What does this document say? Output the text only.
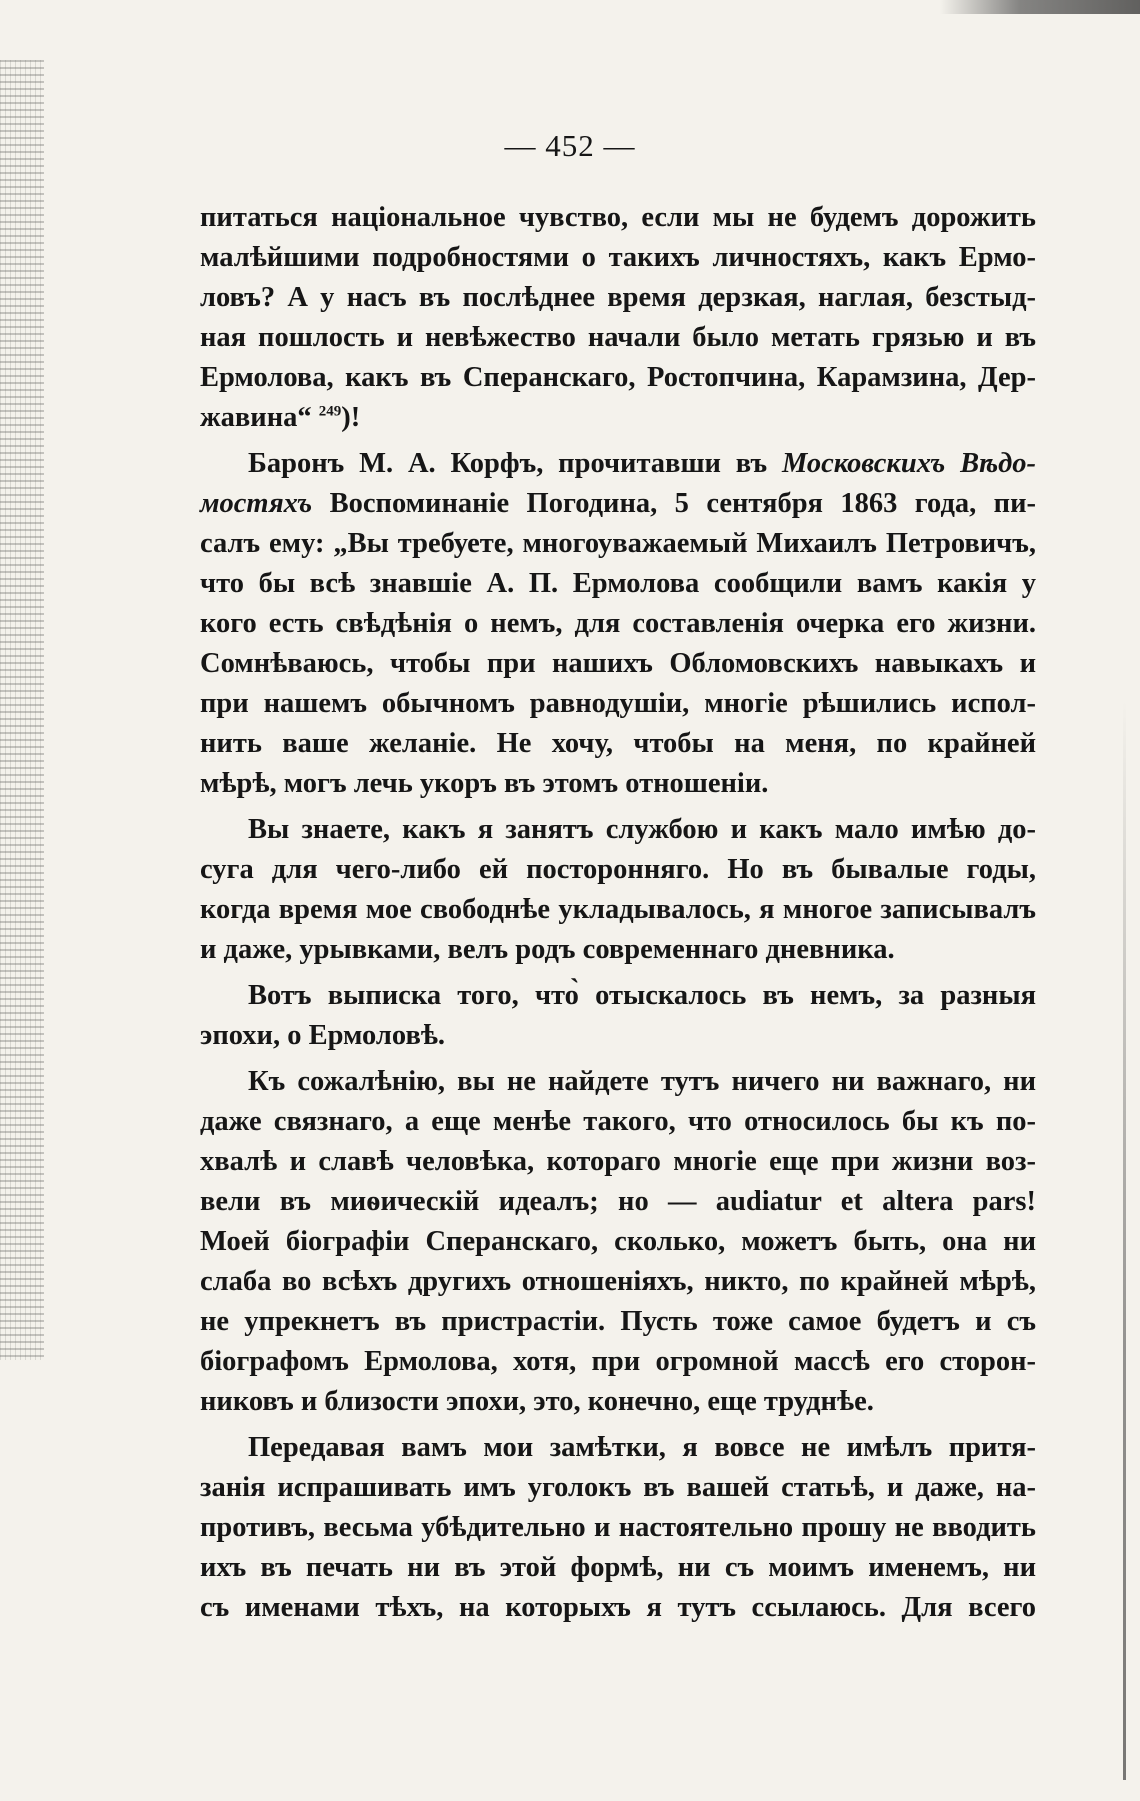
— 452 —
питаться національное чувство, если мы не будемъ дорожить
малѣйшими подробностями о такихъ личностяхъ, какъ Ермо-
ловъ? А у насъ въ послѣднее время дерзкая, наглая, безстыд-
ная пошлость и невѣжество начали было метать грязью и въ
Ермолова, какъ въ Сперанскаго, Ростопчина, Карамзина, Дер-
жавина“ $^{249}$)!
Баронъ М. А. Корфъ, прочитавши въ Московскихъ Вѣдо-
мостяхъ Воспоминаніе Погодина, 5 сентября 1863 года, пи-
салъ ему: „Вы требуете, многоуважаемый Михаилъ Петровичъ,
что бы всѣ знавшіе А. П. Ермолова сообщили вамъ какія у
кого есть свѣдѣнія о немъ, для составленія очерка его жизни.
Сомнѣваюсь, чтобы при нашихъ Обломовскихъ навыкахъ и
при нашемъ обычномъ равнодушіи, многіе рѣшились испол-
нить ваше желаніе. Не хочу, чтобы на меня, по крайней
мѣрѣ, могъ лечь укоръ въ этомъ отношеніи.
Вы знаете, какъ я занятъ службою и какъ мало имѣю до-
суга для чего-либо ей посторонняго. Но въ бывалые годы,
когда время мое свободнѣе укладывалось, я многое записывалъ
и даже, урывками, велъ родъ современнаго дневника.
Вотъ выписка того, что̀ отыскалось въ немъ, за разныя
эпохи, о Ермоловѣ.
Къ сожалѣнію, вы не найдете тутъ ничего ни важнаго, ни
даже связнаго, а еще менѣе такого, что относилось бы къ по-
хвалѣ и славѣ человѣка, котораго многіе еще при жизни воз-
вели въ миѳическій идеалъ; но — audiatur et altera pars!
Моей біографіи Сперанскаго, сколько, можетъ быть, она ни
слаба во всѣхъ другихъ отношеніяхъ, никто, по крайней мѣрѣ,
не упрекнетъ въ пристрастіи. Пусть тоже самое будетъ и съ
біографомъ Ермолова, хотя, при огромной массѣ его сторон-
никовъ и близости эпохи, это, конечно, еще труднѣе.
Передавая вамъ мои замѣтки, я вовсе не имѣлъ притя-
занія испрашивать имъ уголокъ въ вашей статьѣ, и даже, на-
противъ, весьма убѣдительно и настоятельно прошу не вводить
ихъ въ печать ни въ этой формѣ, ни съ моимъ именемъ, ни
съ именами тѣхъ, на которыхъ я тутъ ссылаюсь. Для всего
